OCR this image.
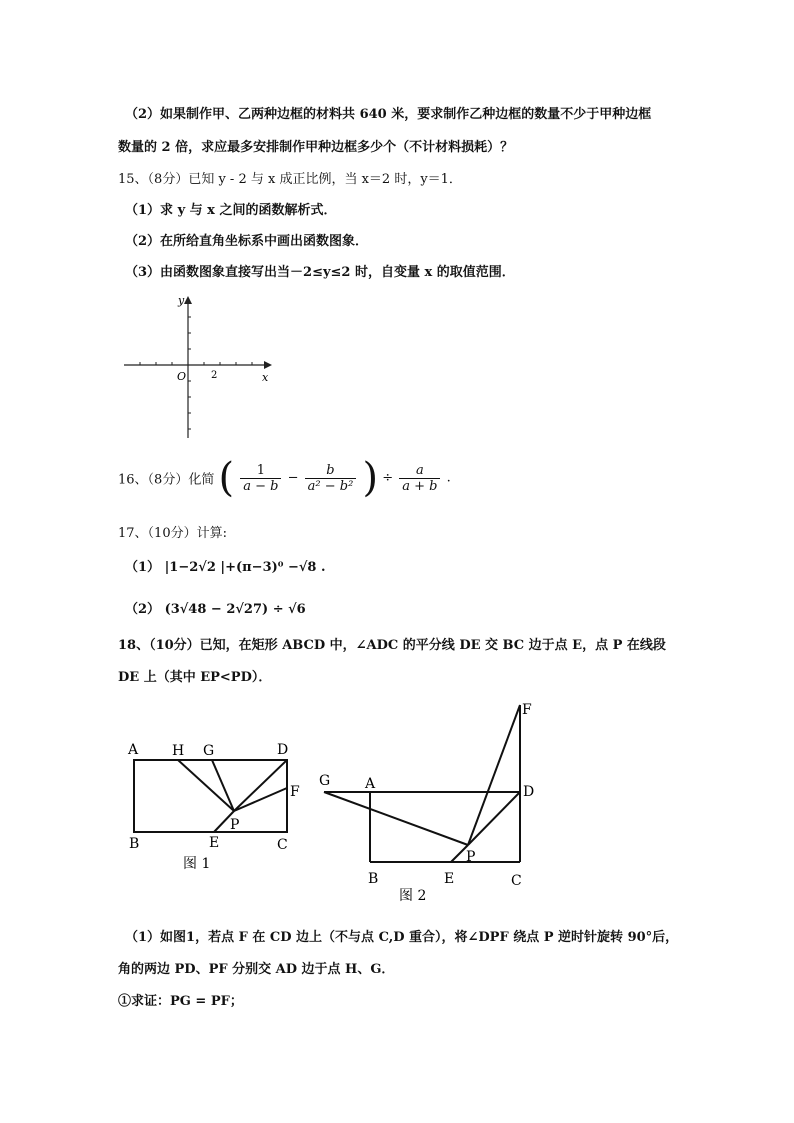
（2）如果制作甲、乙两种边框的材料共 640 米，要求制作乙种边框的数量不少于甲种边框
数量的 2 倍，求应最多安排制作甲种边框多少个（不计材料损耗）？
15、（8分）已知 y - 2 与 x 成正比例，当 x＝2 时，y＝1．
（1）求 y 与 x 之间的函数解析式．
（2）在所给直角坐标系中画出函数图象．
（3）由函数图象直接写出当－2≤y≤2 时，自变量 x 的取值范围．
y
x
O 2
16、（8分）化简 ( $\frac{1}{a - b} - \frac{b}{\text{a² − b²}}$ ) ÷ $\frac{a}{a + b}$ .
17、（10分）计算:
（1） |1−2√2 |+(π−3)⁰ −√8 .
（2） (3√48 − 2√27) ÷ √6
18、（10分）已知，在矩形 ABCD 中，∠ADC 的平分线 DE 交 BC 边于点 E，点 P 在线段
DE 上（其中 EP<PD）．
A H G	D
F
P
B	E	C
图 1
F
G A	D
P
B	E	C
图 2
（1）如图1，若点 F 在 CD 边上（不与点 C,D 重合），将∠DPF 绕点 P 逆时针旋转 90°后，
角的两边 PD、PF 分别交 AD 边于点 H、G．
①求证：PG = PF；
